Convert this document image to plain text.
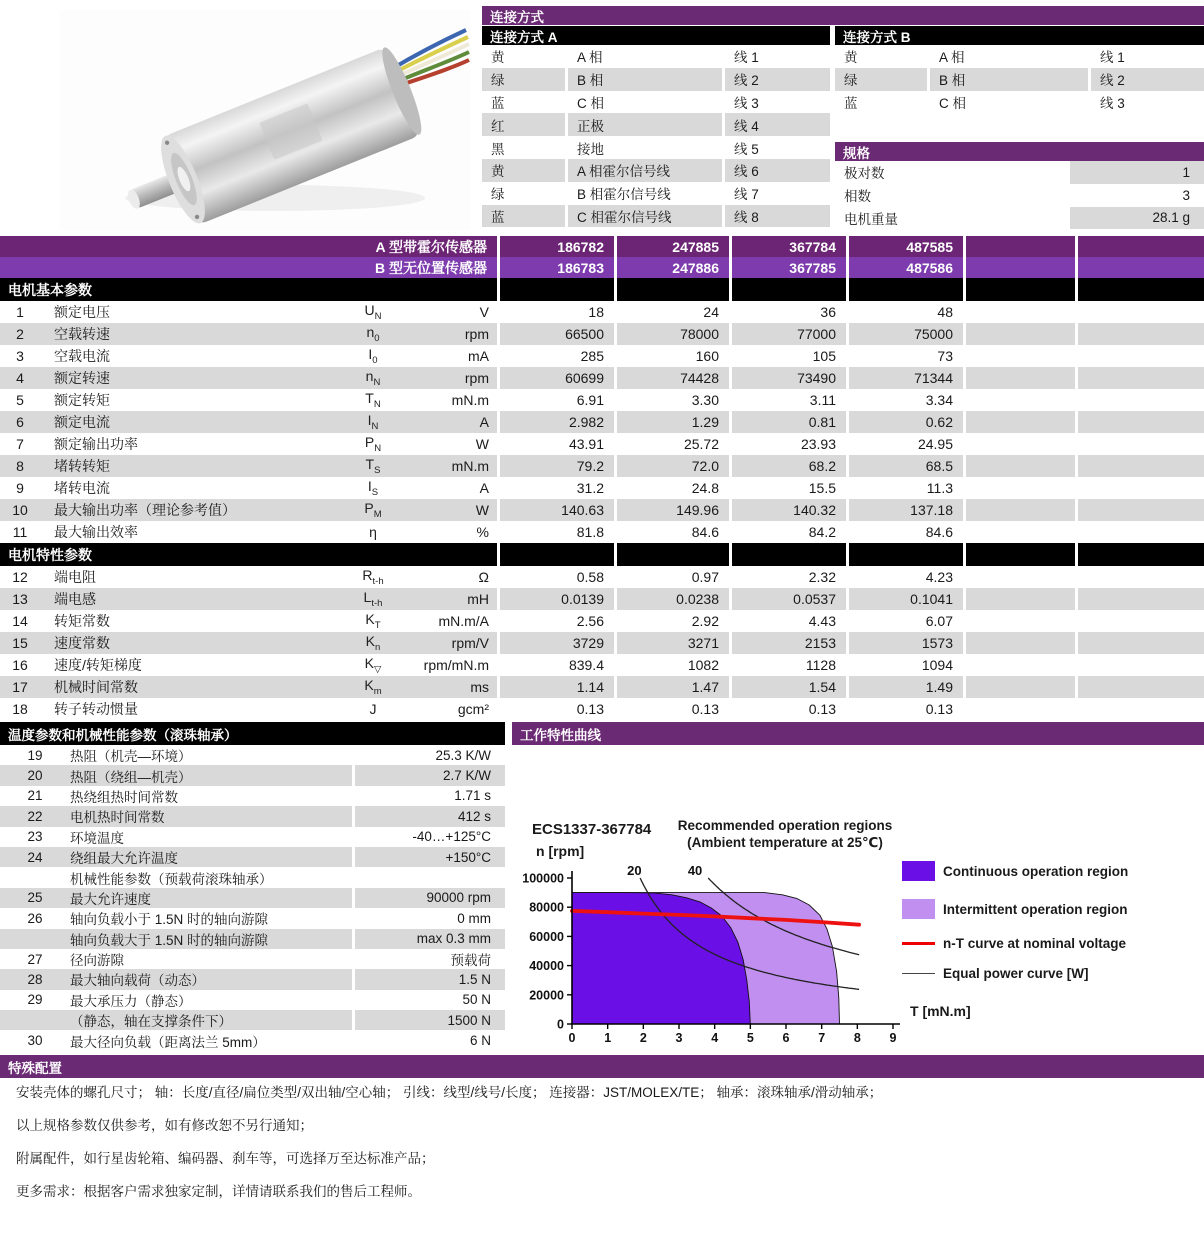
连接方式
连接方式 A
黄	A 相	线 1
绿	B 相	线 2
蓝	C 相	线 3
红	正极	线 4
黑	接地	线 5
黄	A 相霍尔信号线	线 6
绿	B 相霍尔信号线	线 7
蓝	C 相霍尔信号线	线 8
连接方式 B
黄	A 相	线 1
绿	B 相	线 2
蓝	C 相	线 3
规格
极对数	1
相数	3
电机重量	28.1 g
A 型带霍尔传感器	186782	247885	367784	487585
B 型无位置传感器	186783	247886	367785	487586
电机基本参数
1	额定电压	$U_N$	V	18	24	36	48
2	空载转速	$n_0$	rpm	66500	78000	77000	75000
3	空载电流	$I_0$	mA	285	160	105	73
4	额定转速	$n_N$	rpm	60699	74428	73490	71344
5	额定转矩	$T_N$	mN.m	6.91	3.30	3.11	3.34
6	额定电流	$I_N$	A	2.982	1.29	0.81	0.62
7	额定输出功率	$P_N$	W	43.91	25.72	23.93	24.95
8	堵转转矩	$T_S$	mN.m	79.2	72.0	68.2	68.5
9	堵转电流	$I_S$	A	31.2	24.8	15.5	11.3
10	最大输出功率（理论参考值）	$P_M$	W	140.63	149.96	140.32	137.18
11	最大输出效率	η	%	81.8	84.6	84.2	84.6
电机特性参数
12	端电阻	$R_{t-h}$	Ω	0.58	0.97	2.32	4.23
13	端电感	$L_{t-h}$	mH	0.0139	0.0238	0.0537	0.1041
14	转矩常数	$K_T$	mN.m/A	2.56	2.92	4.43	6.07
15	速度常数	$K_n$	rpm/V	3729	3271	2153	1573
16	速度/转矩梯度	$K_▽$	rpm/mN.m	839.4	1082	1128	1094
17	机械时间常数	$K_m$	ms	1.14	1.47	1.54	1.49
18	转子转动惯量	J	gcm²	0.13	0.13	0.13	0.13
温度参数和机械性能参数（滚珠轴承）
19	热阻（机壳—环境）	25.3 K/W
20	热阻（绕组—机壳）	2.7 K/W
21	热绕组热时间常数	1.71 s
22	电机热时间常数	412 s
23	环境温度	-40…+125°C
24	绕组最大允许温度	+150°C
机械性能参数（预载荷滚珠轴承）
25	最大允许速度	90000 rpm
26	轴向负载小于 1.5N 时的轴向游隙	0 mm
轴向负载大于 1.5N 时的轴向游隙	max 0.3 mm
27	径向游隙	预载荷
28	最大轴向载荷（动态）	1.5 N
29	最大承压力（静态）	50 N
（静态，轴在支撑条件下）	1500 N
30	最大径向负载（距离法兰 5mm）	6 N
工作特性曲线
0
20000
40000
60000
80000
100000
0 1 2 3 4 5 6 7 8 9
20	40
ECS1337-367784
n [rpm]
Recommended operation regions
(Ambient temperature at 25℃)
Continuous operation region
Intermittent operation region
n-T curve at nominal voltage
Equal power curve [W]
T [mN.m]
特殊配置

安装壳体的螺孔尺寸； 轴：长度/直径/扁位类型/双出轴/空心轴； 引线：线型/线号/长度； 连接器：JST/MOLEX/TE； 轴承：滚珠轴承/滑动轴承；

以上规格参数仅供参考，如有修改恕不另行通知；

附属配件，如行星齿轮箱、编码器、刹车等，可选择万至达标准产品；

更多需求：根据客户需求独家定制，详情请联系我们的售后工程师。
